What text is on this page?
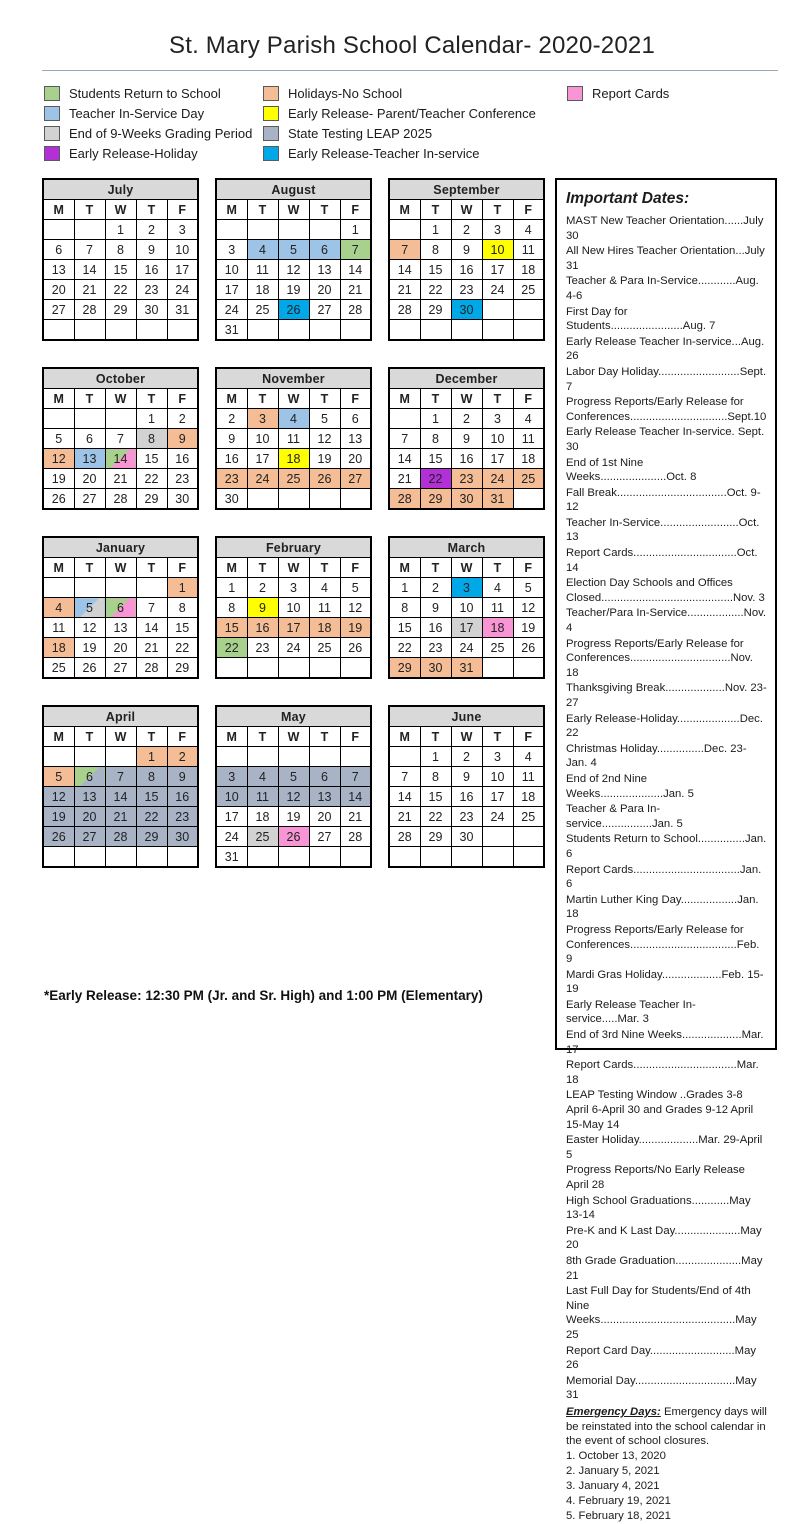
St. Mary Parish School Calendar- 2020-2021
Students Return to School	Holidays-No School	Report Cards
Teacher In-Service Day	Early Release- Parent/Teacher Conference
End of 9-Weeks Grading Period	State Testing LEAP 2025
Early Release-Holiday	Early Release-Teacher In-service
July				
M	T	W	T	F
		1	2	3
6	7	8	9	10
13	14	15	16	17
20	21	22	23	24
27	28	29	30	31

August				
M	T	W	T	F
				1
3	4	5	6	7
10	11	12	13	14
17	18	19	20	21
24	25	26	27	28
31				
September				
M	T	W	T	F
	1	2	3	4
7	8	9	10	11
14	15	16	17	18
21	22	23	24	25
28	29	30		

October				
M	T	W	T	F
			1	2
5	6	7	8	9
12	13	14	15	16
19	20	21	22	23
26	27	28	29	30
November				
M	T	W	T	F
2	3	4	5	6
9	10	11	12	13
16	17	18	19	20
23	24	25	26	27
30				
December				
M	T	W	T	F
	1	2	3	4
7	8	9	10	11
14	15	16	17	18
21	22	23	24	25
28	29	30	31	
January				
M	T	W	T	F
				1
4	5	6	7	8
11	12	13	14	15
18	19	20	21	22
25	26	27	28	29
February				
M	T	W	T	F
1	2	3	4	5
8	9	10	11	12
15	16	17	18	19
22	23	24	25	26

March				
M	T	W	T	F
1	2	3	4	5
8	9	10	11	12
15	16	17	18	19
22	23	24	25	26
29	30	31		
April				
M	T	W	T	F
			1	2
5	6	7	8	9
12	13	14	15	16
19	20	21	22	23
26	27	28	29	30

May				
M	T	W	T	F

3	4	5	6	7
10	11	12	13	14
17	18	19	20	21
24	25	26	27	28
31				
June				
M	T	W	T	F
	1	2	3	4
7	8	9	10	11
14	15	16	17	18
21	22	23	24	25
28	29	30		

Important Dates:
MAST New Teacher Orientation......July 30
All New Hires Teacher Orientation...July 31
Teacher & Para In-Service............Aug. 4-6
First Day for Students.......................Aug. 7
Early Release Teacher In-service...Aug. 26
Labor Day Holiday..........................Sept. 7
Progress Reports/Early Release for Conferences...............................Sept.10
Early Release Teacher In-service. Sept. 30
End of 1st Nine Weeks.....................Oct. 8
Fall Break...................................Oct. 9-12
Teacher In-Service.........................Oct. 13
Report Cards.................................Oct. 14
Election Day Schools and Offices Closed..........................................Nov. 3
Teacher/Para In-Service..................Nov. 4
Progress Reports/Early Release for Conferences................................Nov. 18
Thanksgiving Break...................Nov. 23-27
Early Release-Holiday....................Dec. 22
Christmas Holiday...............Dec. 23-Jan. 4
End of 2nd Nine Weeks....................Jan. 5
Teacher & Para In-service................Jan. 5
Students Return to School...............Jan. 6
Report Cards..................................Jan. 6
Martin Luther King Day..................Jan. 18
Progress Reports/Early Release for Conferences..................................Feb. 9
Mardi Gras Holiday...................Feb. 15-19
Early Release Teacher In-service.....Mar. 3
End of 3rd Nine Weeks...................Mar. 17
Report Cards.................................Mar. 18
LEAP Testing Window ..Grades 3-8 April 6-April 30 and Grades 9-12 April 15-May 14
Easter Holiday...................Mar. 29-April 5
Progress Reports/No Early Release April 28
High School Graduations............May 13-14
Pre-K and K Last Day.....................May 20
8th Grade Graduation.....................May 21
Last Full Day for Students/End of 4th Nine Weeks...........................................May 25
Report Card Day...........................May 26
Memorial Day................................May 31
Emergency Days: Emergency days will be reinstated into the school calendar in the event of school closures.
1. October 13, 2020
2. January 5, 2021
3. January 4, 2021
4. February 19, 2021
5. February 18, 2021
*Early Release: 12:30 PM (Jr. and Sr. High) and 1:00 PM (Elementary)
